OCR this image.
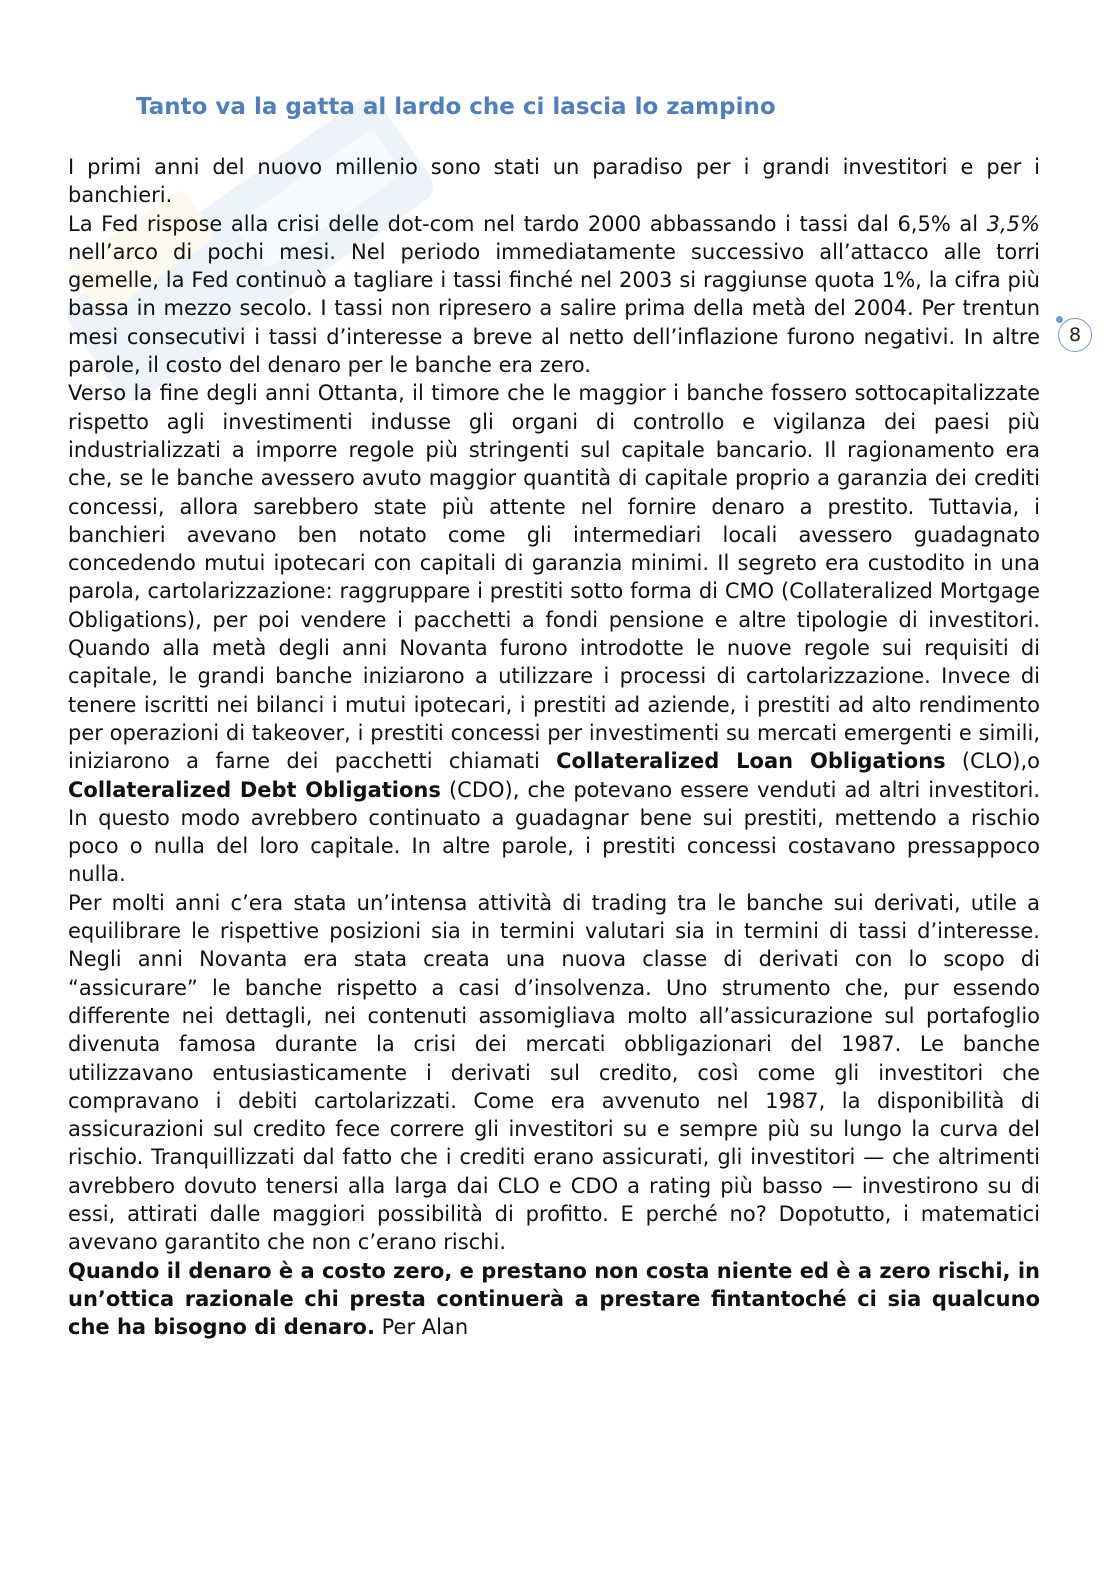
Tanto va la gatta al lardo che ci lascia lo zampino
8

I primi anni del nuovo millenio sono stati un paradiso per i grandi investitori e per i banchieri.

La Fed rispose alla crisi delle dot-com nel tardo 2000 abbassando i tassi dal 6,5% al 3,5% nell’arco di pochi mesi. Nel periodo immediatamente successivo all’attacco alle torri gemelle, la Fed continuò a tagliare i tassi finché nel 2003 si raggiunse quota 1%, la cifra più bassa in mezzo secolo. I tassi non ripresero a salire prima della metà del 2004. Per trentun mesi consecutivi i tassi d’interesse a breve al netto dell’inflazione furono negativi. In altre parole, il costo del denaro per le banche era zero.

Verso la fine degli anni Ottanta, il timore che le maggior i banche fossero sottocapitalizzate rispetto agli investimenti indusse gli organi di controllo e vigilanza dei paesi più industrializzati a imporre regole più stringenti sul capitale bancario. Il ragionamento era che, se le banche avessero avuto maggior quantità di capitale proprio a garanzia dei crediti concessi, allora sarebbero state più attente nel fornire denaro a prestito. Tuttavia, i banchieri avevano ben notato come gli intermediari locali avessero guadagnato concedendo mutui ipotecari con capitali di garanzia minimi. Il segreto era custodito in una parola, cartolarizzazione: raggruppare i prestiti sotto forma di CMO (Collateralized Mortgage Obligations), per poi vendere i pacchetti a fondi pensione e altre tipologie di investitori. Quando alla metà degli anni Novanta furono introdotte le nuove regole sui requisiti di capitale, le grandi banche iniziarono a utilizzare i processi di cartolarizzazione. Invece di tenere iscritti nei bilanci i mutui ipotecari, i prestiti ad aziende, i prestiti ad alto rendimento per operazioni di takeover, i prestiti concessi per investimenti su mercati emergenti e simili, iniziarono a farne dei pacchetti chiamati Collateralized Loan Obligations (CLO),o Collateralized Debt Obligations (CDO), che potevano essere venduti ad altri investitori. In questo modo avrebbero continuato a guadagnar bene sui prestiti, mettendo a rischio poco o nulla del loro capitale. In altre parole, i prestiti concessi costavano pressappoco nulla.

Per molti anni c’era stata un’intensa attività di trading tra le banche sui derivati, utile a equilibrare le rispettive posizioni sia in termini valutari sia in termini di tassi d’interesse. Negli anni Novanta era stata creata una nuova classe di derivati con lo scopo di “assicurare” le banche rispetto a casi d’insolvenza. Uno strumento che, pur essendo differente nei dettagli, nei contenuti assomigliava molto all’assicurazione sul portafoglio divenuta famosa durante la crisi dei mercati obbligazionari del 1987. Le banche utilizzavano entusiasticamente i derivati sul credito, così come gli investitori che compravano i debiti cartolarizzati. Come era avvenuto nel 1987, la disponibilità di assicurazioni sul credito fece correre gli investitori su e sempre più su lungo la curva del rischio. Tranquillizzati dal fatto che i crediti erano assicurati, gli investitori — che altrimenti avrebbero dovuto tenersi alla larga dai CLO e CDO a rating più basso — investirono su di essi, attirati dalle maggiori possibilità di profitto. E perché no? Dopotutto, i matematici avevano garantito che non c’erano rischi.

Quando il denaro è a costo zero, e prestano non costa niente ed è a zero rischi, in un’ottica razionale chi presta continuerà a prestare fintantoché ci sia qualcuno che ha bisogno di denaro. Per Alan
